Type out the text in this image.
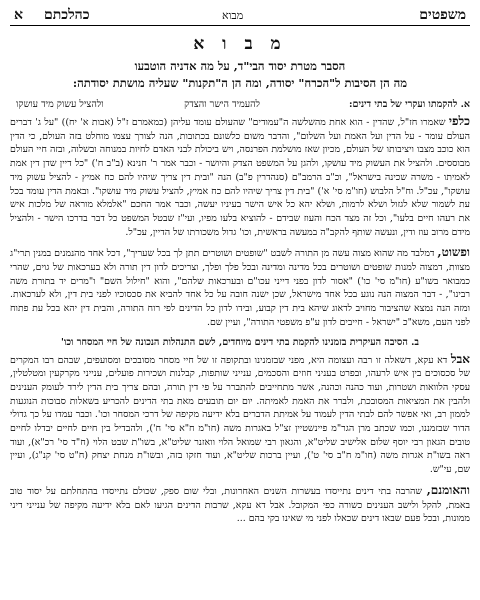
משפטים
מבוא
כהלכתם
א
מ ב ו א
הסבר מטרת יסוד הבי"ד, על מה אדניה הוטבעו
מה הן הסיבות ל"הכרח" יסודה, ומה הן ה"תקנות" שעליה מושתת יסודתה:
א. להקמתו ועקרי של בתי דינים:
להעמיד הישר והצדק
ולהציל עשוק מיד עושקו

כלפי שאמרו חז"ל, שהדין - הוא אחת מהשלשה ה"עמודים" שהעולם עומד עליהן (כמאמרם ז"ל (אבות א' יח)) "על ג' דברים העולם עומד - על הדין ועל האמת ועל השלום", והדבר משום כלשונם בכתובות, הנה לצורך עצמו מוחלט בזה העולם, כי הדין הוא כוכב מצבו ויציבותו של העולם, מכיון שאז מושלמת הפרנסה, ויש ביכולת לבני האדם לחיות במנוחה ובשלוה, ובזה חיי העולם מבוססים. ולהציל את העשוק מיד עושקו, ולהגן על המשפט הצדק והיושר - וכבר אמר ר' חנינא (ב"ב ח') "כל דיין שדן דין אמת לאמיתו - משרה שכינה בישראל", וכ"ב הרמב"ם (סנהדרין פ"ב) הנה "ובית דין צריך שיהיו להם כח אמיץ - להציל עשוק מיד עושקו", עכ"ל. וח"ל הלבוש (חו"מ סי' א') "בית דין צריך שיהיו להם כח אמיץ, להציל עשוק מיד עושקו". ובאמת הדין עומד בכל עת לשמור שלא לגזול ושלא לרמות, ושלא יהא כל איש הישר בעיניו יעשה, וכבר אמר החכם "אלמלא מוראה של מלכות איש את רעהו חיים בלעו", וכל זה מצד הכח והעוז שבידם - להוציא בלעו מפיו, ועי"ז שבטל המשפט כל דבר בדרכו הישר - ולהציל מידם מרוב עוז ודין, ונעשה שותף להקב"ה במעשה בראשית, וכו' גדול משכורתו של הדיין, עכ"ל.

ופשוט, דמלבד מה שהוא מצוה עשה מן התורה לשבט "שופטים ושוטרים תתן לך בכל שעריך", דכל אחד מהנמנים במנין תרי"ג מצוות, דמצוה למנות שופטים ושוטרים בכל מדינה ומדינה ובכל פלך ופלך, וצריכים לדון דין תורה ולא בערכאות של גוים, שהרי כמבואר בשו"ע (חו"מ סי' כו') "אסור לדון בפני דייני עכו"ם ובערכאות שלהם", והוא "חילול השם" ו"מרים יד בתורת משה רבינו", - דבר המצוה הנה נוגע בכל אחד מישראל, שכן ישנה חובה על כל אחד להביא את סכסוכיו לפני בית דין, ולא לערכאות. ומזה הנה נמצא שהציבור מחויב לדאוג שיהא בית דין קבוע, ובידו לדון כל הדינים לפי רוח התורה, והבית דין יהא בכל עת פתוח לפני העם, משא"כ "ישראל - חייבים לדון ע"פ משפטי התורה", ועיין שם.

ב. הסיבה העיקרית בזמנינו להקמת בתי דינים מיוחדים, לשם התנהלות הנכונה של חיי המסחר וכו'

אבל דא עקא, דשאלה זו רבה ועצומה היא, מפני שבזמנינו ובתקופה זו של חיי מסחר מסובכים ומסועפים, שבהם רבו המקרים של סכסוכים בין איש לרעהו, ובפרט בעניני חוזים והסכמים, ענייני שותפות, קבלנות ושכירות פועלים, ענייני מקרקעין ומטלטלין, עסקי הלוואות ושטרות, ועוד כהנה וכהנה, אשר מתחייבים להתברר על פי דין תורה, ובהם צריך בית הדין לירד לעומק הענינים ולהבין את המציאות המסובכת, ולברר את האמת לאמיתה. יום יום תובעים מאת בתי הדינים להכריע בשאלות סבוכות הנוגעות לממון רב, ואי אפשר להם לבתי הדין לעמוד על אמיתת הדברים בלא ידיעה מקיפה של דרכי המסחר וכו'. וכבר עמדו על כך גדולי הדור שבזמננו, וכמו שכתב מרן הגר"מ פיינשטיין זצ"ל באגרות משה (חו"מ ח"א סי' ח'), ולהבדיל בין חיים לחיים יבדלו לחיים טובים הגאון רבי יוסף שלום אלישיב שליט"א, והגאון רבי שמואל הלוי וואזנר שליט"א, בשו"ת שבט הלוי (ח"ד סי' רכ"א), ועוד ראה בשו"ת אגרות משה (חו"מ ח"ב סי' ט'), ועיין ברכות שליט"א, ועוד חזקו בזה, ובשו"ת מנחת יצחק (ח"ט סי' קנ"ג), ועיין שם, עי"ש.

והאומנם, שהרבה בתי דינים נתייסדו בעשרות השנים האחרונות, ובלי שום ספק, שכולם נתייסדו בהתחלתם על יסוד טוב באמת, להקל ולישב הענינים כשורה כפי המקובל. אבל דא עקא, שרבות הדינים הגיעו לאם בלא ידיעה מקיפה של ענייני דיני ממונות, ובכל פעם שבאו דינים שכאלו לפני מי שאינו בקי בהם ...
